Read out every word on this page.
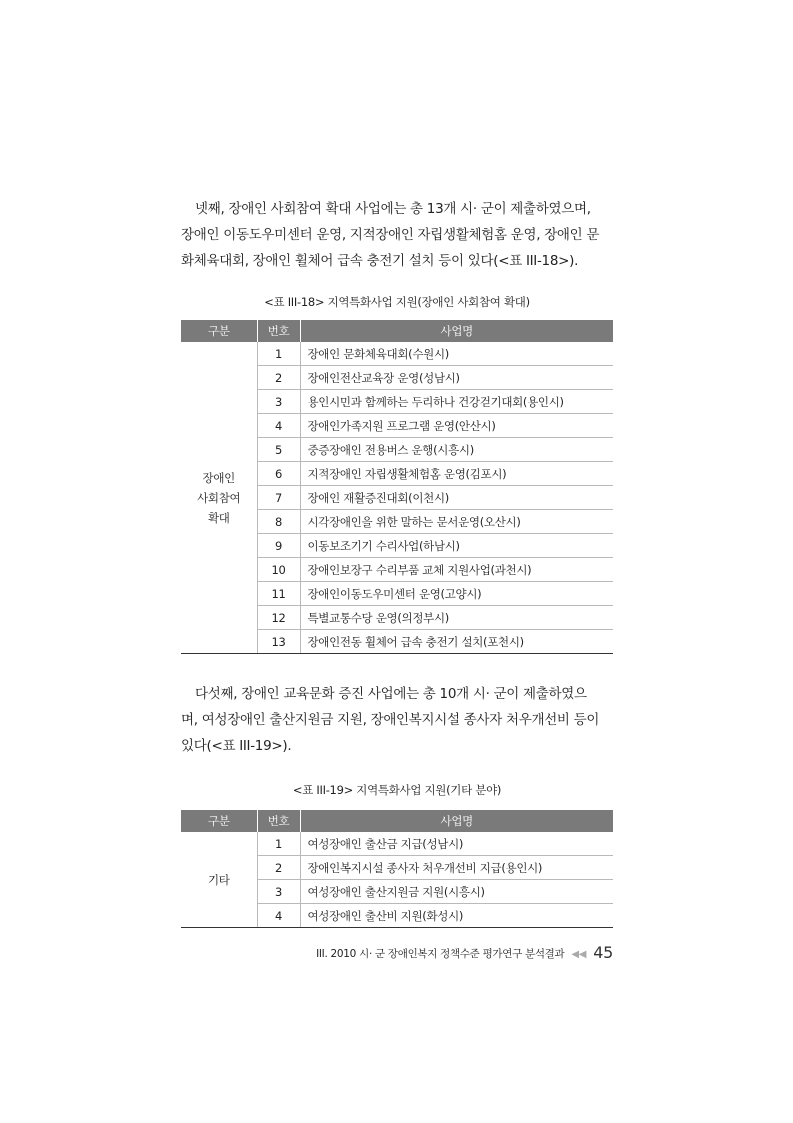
넷째, 장애인 사회참여 확대 사업에는 총 13개 시· 군이 제출하였으며,
장애인 이동도우미센터 운영, 지적장애인 자립생활체험홈 운영, 장애인 문
화체육대회, 장애인 휠체어 급속 충전기 설치 등이 있다(<표 III-18>).

<표 III-18> 지역특화사업 지원(장애인 사회참여 확대)

구분	번호	사업명

장애인
사회참여
확대	1	장애인 문화체육대회(수원시)
	2	장애인전산교육장 운영(성남시)
	3	용인시민과 함께하는 두리하나 건강걷기대회(용인시)
	4	장애인가족지원 프로그램 운영(안산시)
	5	중증장애인 전용버스 운행(시흥시)
	6	지적장애인 자립생활체험홈 운영(김포시)
	7	장애인 재활증진대회(이천시)
	8	시각장애인을 위한 말하는 문서운영(오산시)
	9	이동보조기기 수리사업(하남시)
	10	장애인보장구 수리부품 교체 지원사업(과천시)
	11	장애인이동도우미센터 운영(고양시)
	12	특별교통수당 운영(의정부시)
	13	장애인전동 휠체어 급속 충전기 설치(포천시)
다섯째, 장애인 교육문화 증진 사업에는 총 10개 시· 군이 제출하였으
며, 여성장애인 출산지원금 지원, 장애인복지시설 종사자 처우개선비 등이
있다(<표 III-19>).

<표 III-19> 지역특화사업 지원(기타 분야)

구분	번호	사업명

기타	1	여성장애인 출산금 지급(성남시)
	2	장애인복지시설 종사자 처우개선비 지급(용인시)
	3	여성장애인 출산지원금 지원(시흥시)
	4	여성장애인 출산비 지원(화성시)
III. 2010 시· 군 장애인복지 정책수준 평가연구 분석결과 ◀◀ 45
